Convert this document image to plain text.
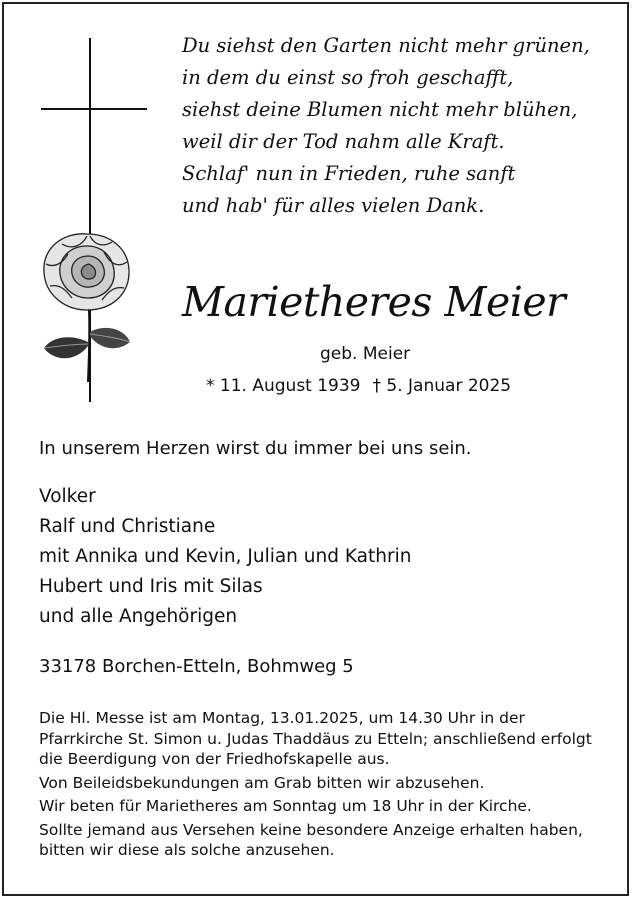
Du siehst den Garten nicht mehr grünen,
in dem du einst so froh geschafft,
siehst deine Blumen nicht mehr blühen,
weil dir der Tod nahm alle Kraft.
Schlaf' nun in Frieden, ruhe sanft
und hab' für alles vielen Dank.
Marietheres Meier
geb. Meier
* 11. August 1939 † 5. Januar 2025
In unserem Herzen wirst du immer bei uns sein.
Volker
Ralf und Christiane
mit Annika und Kevin, Julian und Kathrin
Hubert und Iris mit Silas
und alle Angehörigen
33178 Borchen-Etteln, Bohmweg 5

Die Hl. Messe ist am Montag, 13.01.2025, um 14.30 Uhr in der Pfarrkirche St. Simon u. Judas Thaddäus zu Etteln; anschließend erfolgt die Beerdigung von der Friedhofskapelle aus.

Von Beileidsbekundungen am Grab bitten wir abzusehen.

Wir beten für Marietheres am Sonntag um 18 Uhr in der Kirche.

Sollte jemand aus Versehen keine besondere Anzeige erhalten haben, bitten wir diese als solche anzusehen.
